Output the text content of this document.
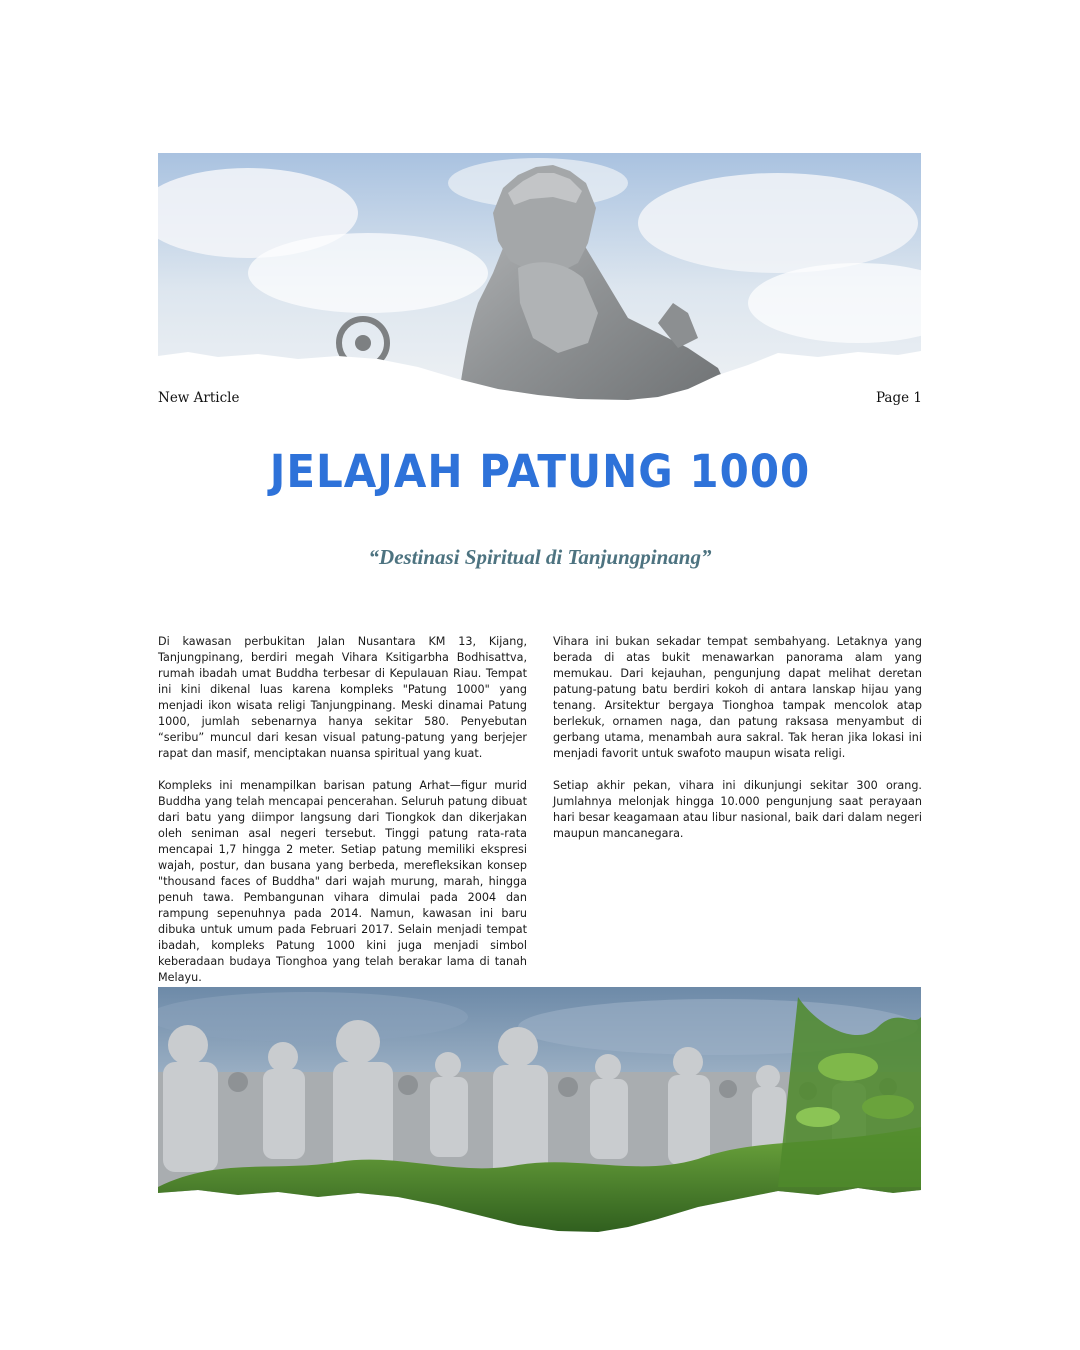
New Article	Page 1
JELAJAH PATUNG 1000
“Destinasi Spiritual di Tanjungpinang”

Di kawasan perbukitan Jalan Nusantara KM 13, Kijang, Tanjungpinang, berdiri megah Vihara Ksitigarbha Bodhisattva, rumah ibadah umat Buddha terbesar di Kepulauan Riau. Tempat ini kini dikenal luas karena kompleks "Patung 1000" yang menjadi ikon wisata religi Tanjungpinang. Meski dinamai Patung 1000, jumlah sebenarnya hanya sekitar 580. Penyebutan “seribu” muncul dari kesan visual patung-patung yang berjejer rapat dan masif, menciptakan nuansa spiritual yang kuat.

Kompleks ini menampilkan barisan patung Arhat—figur murid Buddha yang telah mencapai pencerahan. Seluruh patung dibuat dari batu yang diimpor langsung dari Tiongkok dan dikerjakan oleh seniman asal negeri tersebut. Tinggi patung rata-rata mencapai 1,7 hingga 2 meter. Setiap patung memiliki ekspresi wajah, postur, dan busana yang berbeda, merefleksikan konsep "thousand faces of Buddha" dari wajah murung, marah, hingga penuh tawa. Pembangunan vihara dimulai pada 2004 dan rampung sepenuhnya pada 2014. Namun, kawasan ini baru dibuka untuk umum pada Februari 2017. Selain menjadi tempat ibadah, kompleks Patung 1000 kini juga menjadi simbol keberadaan budaya Tionghoa yang telah berakar lama di tanah Melayu.

Vihara ini bukan sekadar tempat sembahyang. Letaknya yang berada di atas bukit menawarkan panorama alam yang memukau. Dari kejauhan, pengunjung dapat melihat deretan patung-patung batu berdiri kokoh di antara lanskap hijau yang tenang. Arsitektur bergaya Tionghoa tampak mencolok atap berlekuk, ornamen naga, dan patung raksasa menyambut di gerbang utama, menambah aura sakral. Tak heran jika lokasi ini menjadi favorit untuk swafoto maupun wisata religi.

Setiap akhir pekan, vihara ini dikunjungi sekitar 300 orang. Jumlahnya melonjak hingga 10.000 pengunjung saat perayaan hari besar keagamaan atau libur nasional, baik dari dalam negeri maupun mancanegara.
